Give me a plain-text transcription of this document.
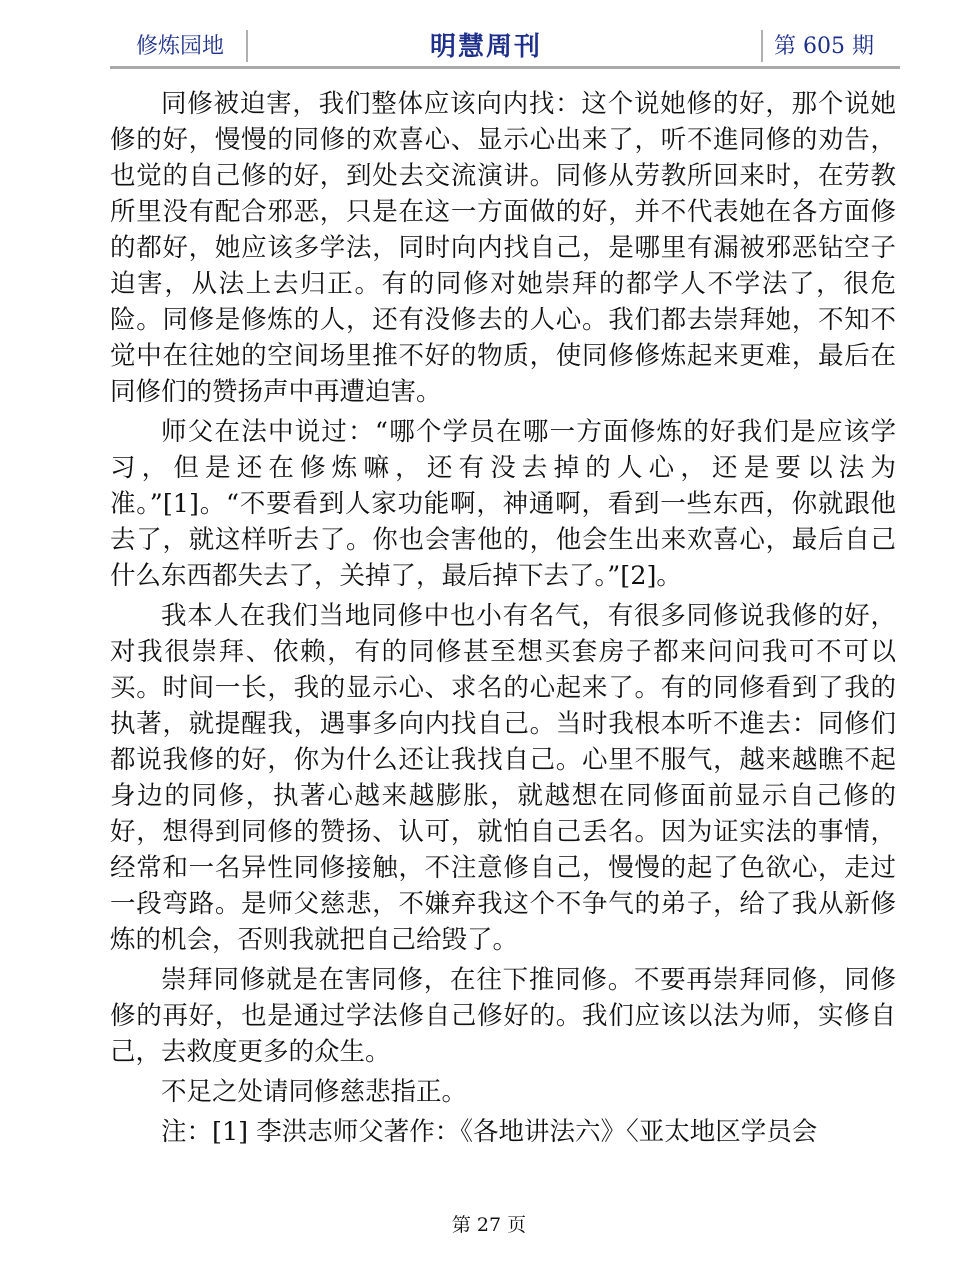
修炼园地	明慧周刊	第 605 期

同修被迫害，我们整体应该向内找：这个说她修的好，那个说她修的好，慢慢的同修的欢喜心、显示心出来了，听不進同修的劝告，也觉的自己修的好，到处去交流演讲。同修从劳教所回来时，在劳教所里没有配合邪恶，只是在这一方面做的好，并不代表她在各方面修的都好，她应该多学法，同时向内找自己，是哪里有漏被邪恶钻空子迫害，从法上去归正。有的同修对她崇拜的都学人不学法了，很危险。同修是修炼的人，还有没修去的人心。我们都去崇拜她，不知不觉中在往她的空间场里推不好的物质，使同修修炼起来更难，最后在同修们的赞扬声中再遭迫害。

师父在法中说过：“哪个学员在哪一方面修炼的好我们是应该学习，但是还在修炼嘛，还有没去掉的人心，还是要以法为准。”[1]。“不要看到人家功能啊，神通啊，看到一些东西，你就跟他去了，就这样听去了。你也会害他的，他会生出来欢喜心，最后自己什么东西都失去了，关掉了，最后掉下去了。”[2]。

我本人在我们当地同修中也小有名气，有很多同修说我修的好，对我很崇拜、依赖，有的同修甚至想买套房子都来问问我可不可以买。时间一长，我的显示心、求名的心起来了。有的同修看到了我的执著，就提醒我，遇事多向内找自己。当时我根本听不進去：同修们都说我修的好，你为什么还让我找自己。心里不服气，越来越瞧不起身边的同修，执著心越来越膨胀，就越想在同修面前显示自己修的好，想得到同修的赞扬、认可，就怕自己丢名。因为证实法的事情，经常和一名异性同修接触，不注意修自己，慢慢的起了色欲心，走过一段弯路。是师父慈悲，不嫌弃我这个不争气的弟子，给了我从新修炼的机会，否则我就把自己给毁了。

崇拜同修就是在害同修，在往下推同修。不要再崇拜同修，同修修的再好，也是通过学法修自己修好的。我们应该以法为师，实修自己，去救度更多的众生。

不足之处请同修慈悲指正。

注：[1] 李洪志师父著作：《各地讲法六》〈亚太地区学员会

第 27 页
